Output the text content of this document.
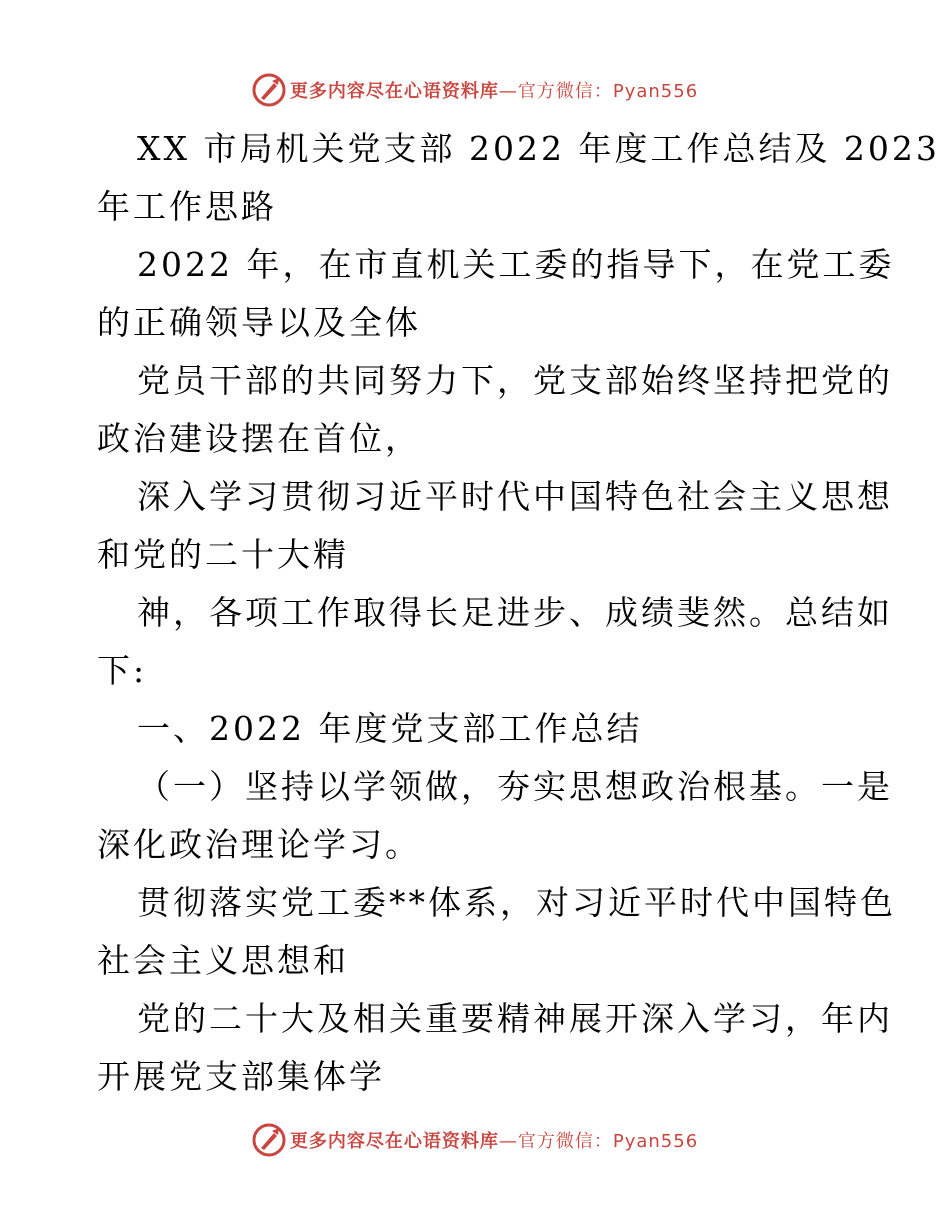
更多内容尽在心语资料库—官方微信：Pyan556
XX 市局机关党支部 2022 年度工作总结及 2023
年工作思路
2022 年，在市直机关工委的指导下，在党工委
的正确领导以及全体
党员干部的共同努力下，党支部始终坚持把党的
政治建设摆在首位，
深入学习贯彻习近平时代中国特色社会主义思想
和党的二十大精
神，各项工作取得长足进步、成绩斐然。总结如
下:
一、2022 年度党支部工作总结
（一）坚持以学领做，夯实思想政治根基。一是
深化政治理论学习。
贯彻落实党工委**体系，对习近平时代中国特色
社会主义思想和
党的二十大及相关重要精神展开深入学习，年内
开展党支部集体学
更多内容尽在心语资料库—官方微信：Pyan556
